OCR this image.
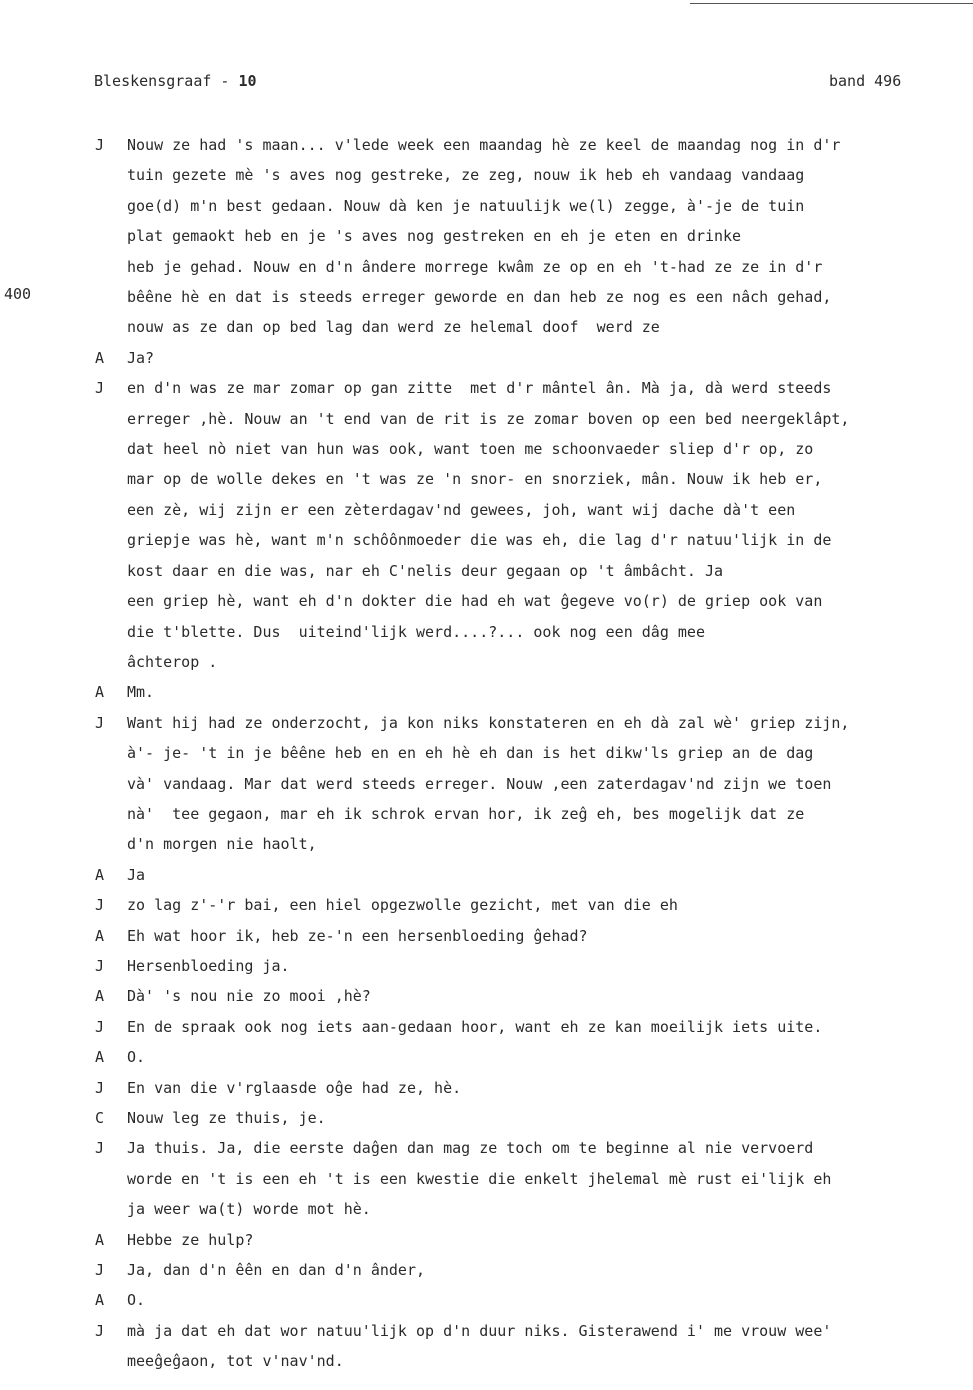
Bleskensgraaf - 10	band 496
400
J Nouw ze had 's maan... v'lede week een maandag hè ze keel de maandag nog in d'r
tuin gezete mè 's aves nog gestreke, ze zeg, nouw ik heb eh vandaag vandaag
goe(d) m'n best gedaan. Nouw dà ken je natuulijk we(l) zegge, à'-je de tuin
plat gemaokt heb en je 's aves nog gestreken en eh je eten en drinke
heb je gehad. Nouw en d'n ândere morrege kwâm ze op en eh 't-had ze ze in d'r
bêêne hè en dat is steeds erreger geworde en dan heb ze nog es een nâch gehad,
nouw as ze dan op bed lag dan werd ze helemal doof  werd ze
A Ja?
J en d'n was ze mar zomar op gan zitte  met d'r mântel ân. Mà ja, dà werd steeds
erreger ,hè. Nouw an 't end van de rit is ze zomar boven op een bed neergeklâpt,
dat heel nò niet van hun was ook, want toen me schoonvaeder sliep d'r op, zo
mar op de wolle dekes en 't was ze 'n snor- en snorziek, mân. Nouw ik heb er,
een zè, wij zijn er een zèterdagav'nd gewees, joh, want wij dache dà't een
griepje was hè, want m'n schôônmoeder die was eh, die lag d'r natuu'lijk in de
kost daar en die was, nar eh C'nelis deur gegaan op 't âmbâcht. Ja
een griep hè, want eh d'n dokter die had eh wat ĝegeve vo(r) de griep ook van
die t'blette. Dus  uiteind'lijk werd....?... ook nog een dâg mee
âchterop .
A Mm.
J Want hij had ze onderzocht, ja kon niks konstateren en eh dà zal wè' griep zijn,
à'- je- 't in je bêêne heb en en eh hè eh dan is het dikw'ls griep an de dag
và' vandaag. Mar dat werd steeds erreger. Nouw ,een zaterdagav'nd zijn we toen
nà'  tee gegaon, mar eh ik schrok ervan hor, ik zeĝ eh, bes mogelijk dat ze
d'n morgen nie haolt,
A Ja
J zo lag z'-'r bai, een hiel opgezwolle gezicht, met van die eh
A Eh wat hoor ik, heb ze-'n een hersenbloeding ĝehad?
J Hersenbloeding ja.
A Dà' 's nou nie zo mooi ,hè?
J En de spraak ook nog iets aan-gedaan hoor, want eh ze kan moeilijk iets uite.
A O.
J En van die v'rglaasde oĝe had ze, hè.
C Nouw leg ze thuis, je.
J Ja thuis. Ja, die eerste daĝen dan mag ze toch om te beginne al nie vervoerd
worde en 't is een eh 't is een kwestie die enkelt jhelemal mè rust ei'lijk eh
ja weer wa(t) worde mot hè.
A Hebbe ze hulp?
J Ja, dan d'n êên en dan d'n ânder,
A O.
J mà ja dat eh dat wor natuu'lijk op d'n duur niks. Gisterawend i' me vrouw wee'
meeĝeĝaon, tot v'nav'nd.
